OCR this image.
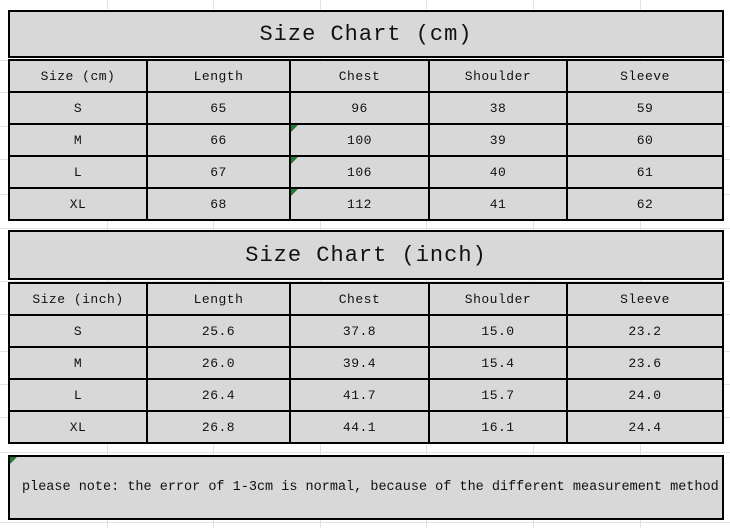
Size Chart (cm)
Size (cm)	Length	Chest	Shoulder	Sleeve
S	65	96	38	59
M	66	100	39	60
L	67	106	40	61
XL	68	112	41	62
Size Chart (inch)
Size (inch)	Length	Chest	Shoulder	Sleeve
S	25.6	37.8	15.0	23.2
M	26.0	39.4	15.4	23.6
L	26.4	41.7	15.7	24.0
XL	26.8	44.1	16.1	24.4
please note: the error of 1-3cm is normal, because of the different measurement method
